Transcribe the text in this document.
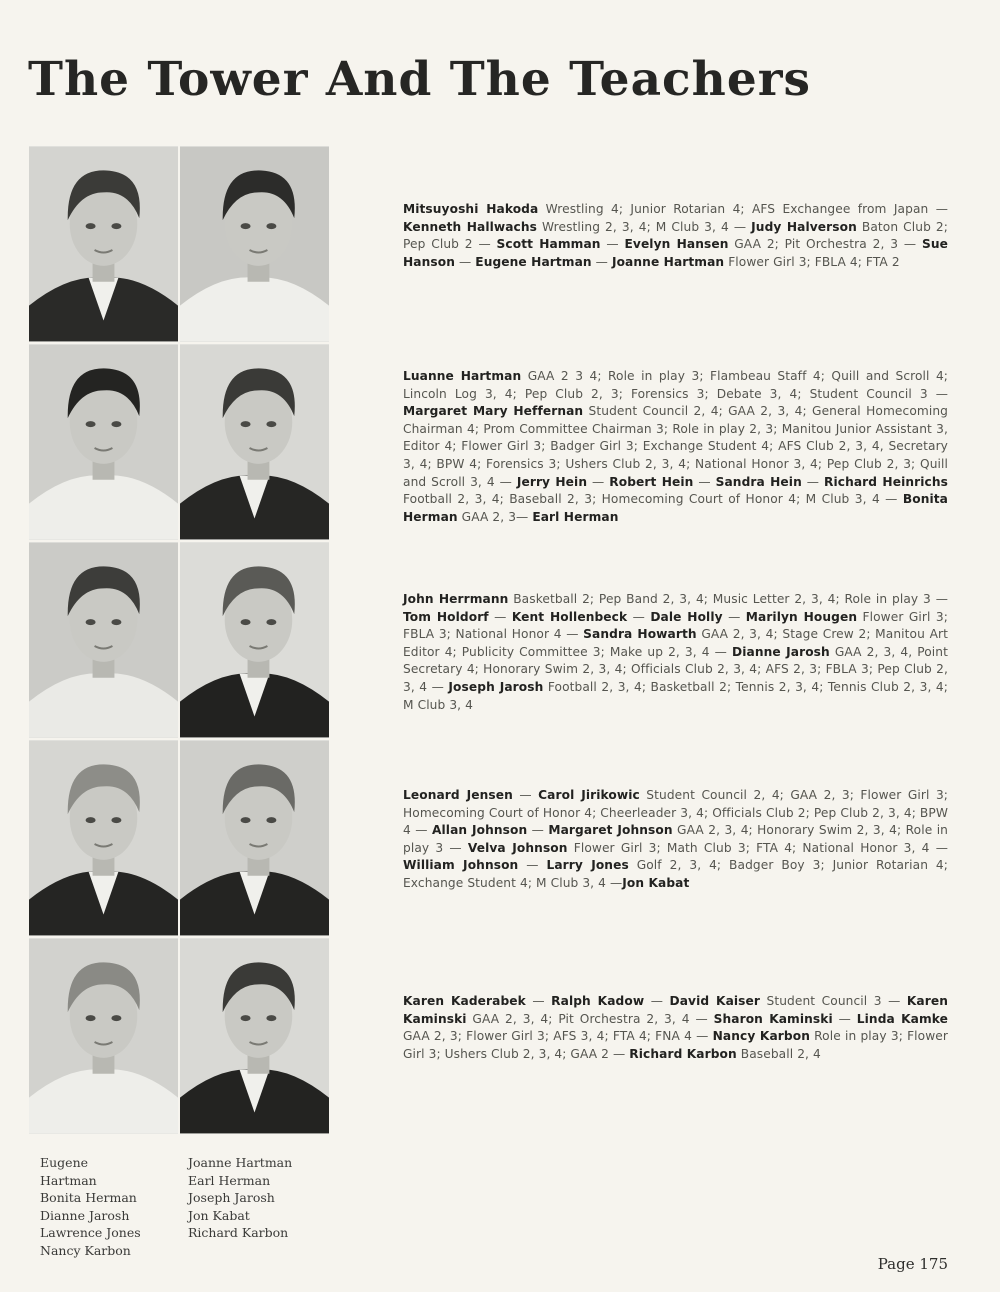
The Tower And The Teachers

Mitsuyoshi Hakoda Wrestling 4; Junior Rotarian 4; AFS Exchangee from Japan — Kenneth Hallwachs Wrestling 2, 3, 4; M Club 3, 4 — Judy Halverson Baton Club 2; Pep Club 2 — Scott Hamman — Evelyn Hansen GAA 2; Pit Orchestra 2, 3 — Sue Hanson — Eugene Hartman — Joanne Hartman Flower Girl 3; FBLA 4; FTA 2

Luanne Hartman GAA 2 3 4; Role in play 3; Flambeau Staff 4; Quill and Scroll 4; Lincoln Log 3, 4; Pep Club 2, 3; Forensics 3; Debate 3, 4; Student Council 3 — Margaret Mary Heffernan Student Council 2, 4; GAA 2, 3, 4; General Homecoming Chairman 4; Prom Committee Chairman 3; Role in play 2, 3; Manitou Junior Assistant 3, Editor 4; Flower Girl 3; Badger Girl 3; Exchange Student 4; AFS Club 2, 3, 4, Secretary 3, 4; BPW 4; Forensics 3; Ushers Club 2, 3, 4; National Honor 3, 4; Pep Club 2, 3; Quill and Scroll 3, 4 — Jerry Hein — Robert Hein — Sandra Hein — Richard Heinrichs Football 2, 3, 4; Baseball 2, 3; Homecoming Court of Honor 4; M Club 3, 4 — Bonita Herman GAA 2, 3— Earl Herman

John Herrmann Basketball 2; Pep Band 2, 3, 4; Music Letter 2, 3, 4; Role in play 3 — Tom Holdorf — Kent Hollenbeck — Dale Holly — Marilyn Hougen Flower Girl 3; FBLA 3; National Honor 4 — Sandra Howarth GAA 2, 3, 4; Stage Crew 2; Manitou Art Editor 4; Publicity Committee 3; Make up 2, 3, 4 — Dianne Jarosh GAA 2, 3, 4, Point Secretary 4; Honorary Swim 2, 3, 4; Officials Club 2, 3, 4; AFS 2, 3; FBLA 3; Pep Club 2, 3, 4 — Joseph Jarosh Football 2, 3, 4; Basketball 2; Tennis 2, 3, 4; Tennis Club 2, 3, 4; M Club 3, 4

Leonard Jensen — Carol Jirikowic Student Council 2, 4; GAA 2, 3; Flower Girl 3; Homecoming Court of Honor 4; Cheerleader 3, 4; Officials Club 2; Pep Club 2, 3, 4; BPW 4 — Allan Johnson — Margaret Johnson GAA 2, 3, 4; Honorary Swim 2, 3, 4; Role in play 3 — Velva Johnson Flower Girl 3; Math Club 3; FTA 4; National Honor 3, 4 — William Johnson — Larry Jones Golf 2, 3, 4; Badger Boy 3; Junior Rotarian 4; Exchange Student 4; M Club 3, 4 —Jon Kabat

Karen Kaderabek — Ralph Kadow — David Kaiser Student Council 3 — Karen Kaminski GAA 2, 3, 4; Pit Orchestra 2, 3, 4 — Sharon Kaminski — Linda Kamke GAA 2, 3; Flower Girl 3; AFS 3, 4; FTA 4; FNA 4 — Nancy Karbon Role in play 3; Flower Girl 3; Ushers Club 2, 3, 4; GAA 2 — Richard Karbon Baseball 2, 4

Eugene Hartman
Bonita Herman
Dianne Jarosh
Lawrence Jones
Nancy Karbon
Joanne Hartman
Earl Herman
Joseph Jarosh
Jon Kabat
Richard Karbon
Page 175
